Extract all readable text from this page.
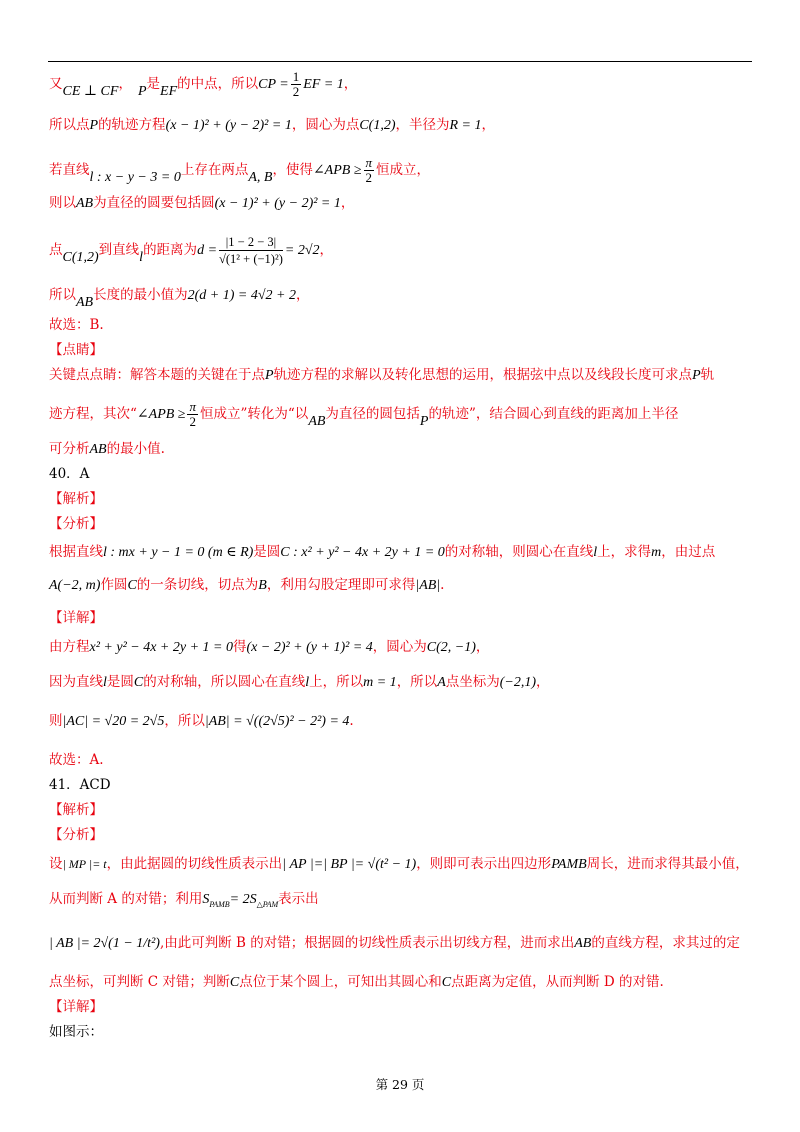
又CE ⊥ CF， P是EF的中点，所以CP = $\frac{1}{2}$ EF = 1，
所以点P的轨迹方程(x − 1)² + (y − 2)² = 1，圆心为点C(1,2)，半径为R = 1，
若直线l : x − y − 3 = 0上存在两点A, B，使得∠APB ≥ $\frac{\pi}{2}$ 恒成立，
则以AB为直径的圆要包括圆(x − 1)² + (y − 2)² = 1，
点C(1,2)到直线l的距离为$d = \frac{|1 - 2 - 3|}{\text{√(1² + (−1)²)}} = 2√2$，
所以AB长度的最小值为2(d + 1) = 4√2 + 2，
故选：B.
【点睛】
关键点点睛：解答本题的关键在于点P轨迹方程的求解以及转化思想的运用，根据弦中点以及线段长度可求点P轨
迹方程，其次“∠APB ≥ $\frac{\pi}{2}$ 恒成立”转化为“以AB为直径的圆包括P的轨迹”，结合圆心到直线的距离加上半径
可分析AB的最小值.
40．A
【解析】
【分析】
根据直线l : mx + y − 1 = 0 (m ∈ R)是圆C : x² + y² − 4x + 2y + 1 = 0的对称轴，则圆心在直线l上，求得m，由过点
A(−2, m)作圆C的一条切线，切点为B，利用勾股定理即可求得|AB|.
【详解】
由方程x² + y² − 4x + 2y + 1 = 0得(x − 2)² + (y + 1)² = 4，圆心为C(2, −1)，
因为直线l是圆C的对称轴，所以圆心在直线l上，所以m = 1，所以A点坐标为(−2,1)，
则|AC| = √20 = 2√5，所以|AB| = √((2√5)² − 2²) = 4.
故选：A.
41．ACD
【解析】
【分析】
设| MP |= t，由此据圆的切线性质表示出| AP |=| BP |= √(t² − 1)，则即可表示出四边形PAMB周长，进而求得其最小值，
从而判断 A 的对错；利用$S_{PAMB}= 2S_{\triangle PAM}$表示出
| AB |= 2√(1 − 1/t²),由此可判断 B 的对错；根据圆的切线性质表示出切线方程，进而求出AB的直线方程，求其过的定
点坐标，可判断 C 对错；判断C点位于某个圆上，可知出其圆心和C点距离为定值，从而判断 D 的对错.
【详解】
如图示：
第 29 页
